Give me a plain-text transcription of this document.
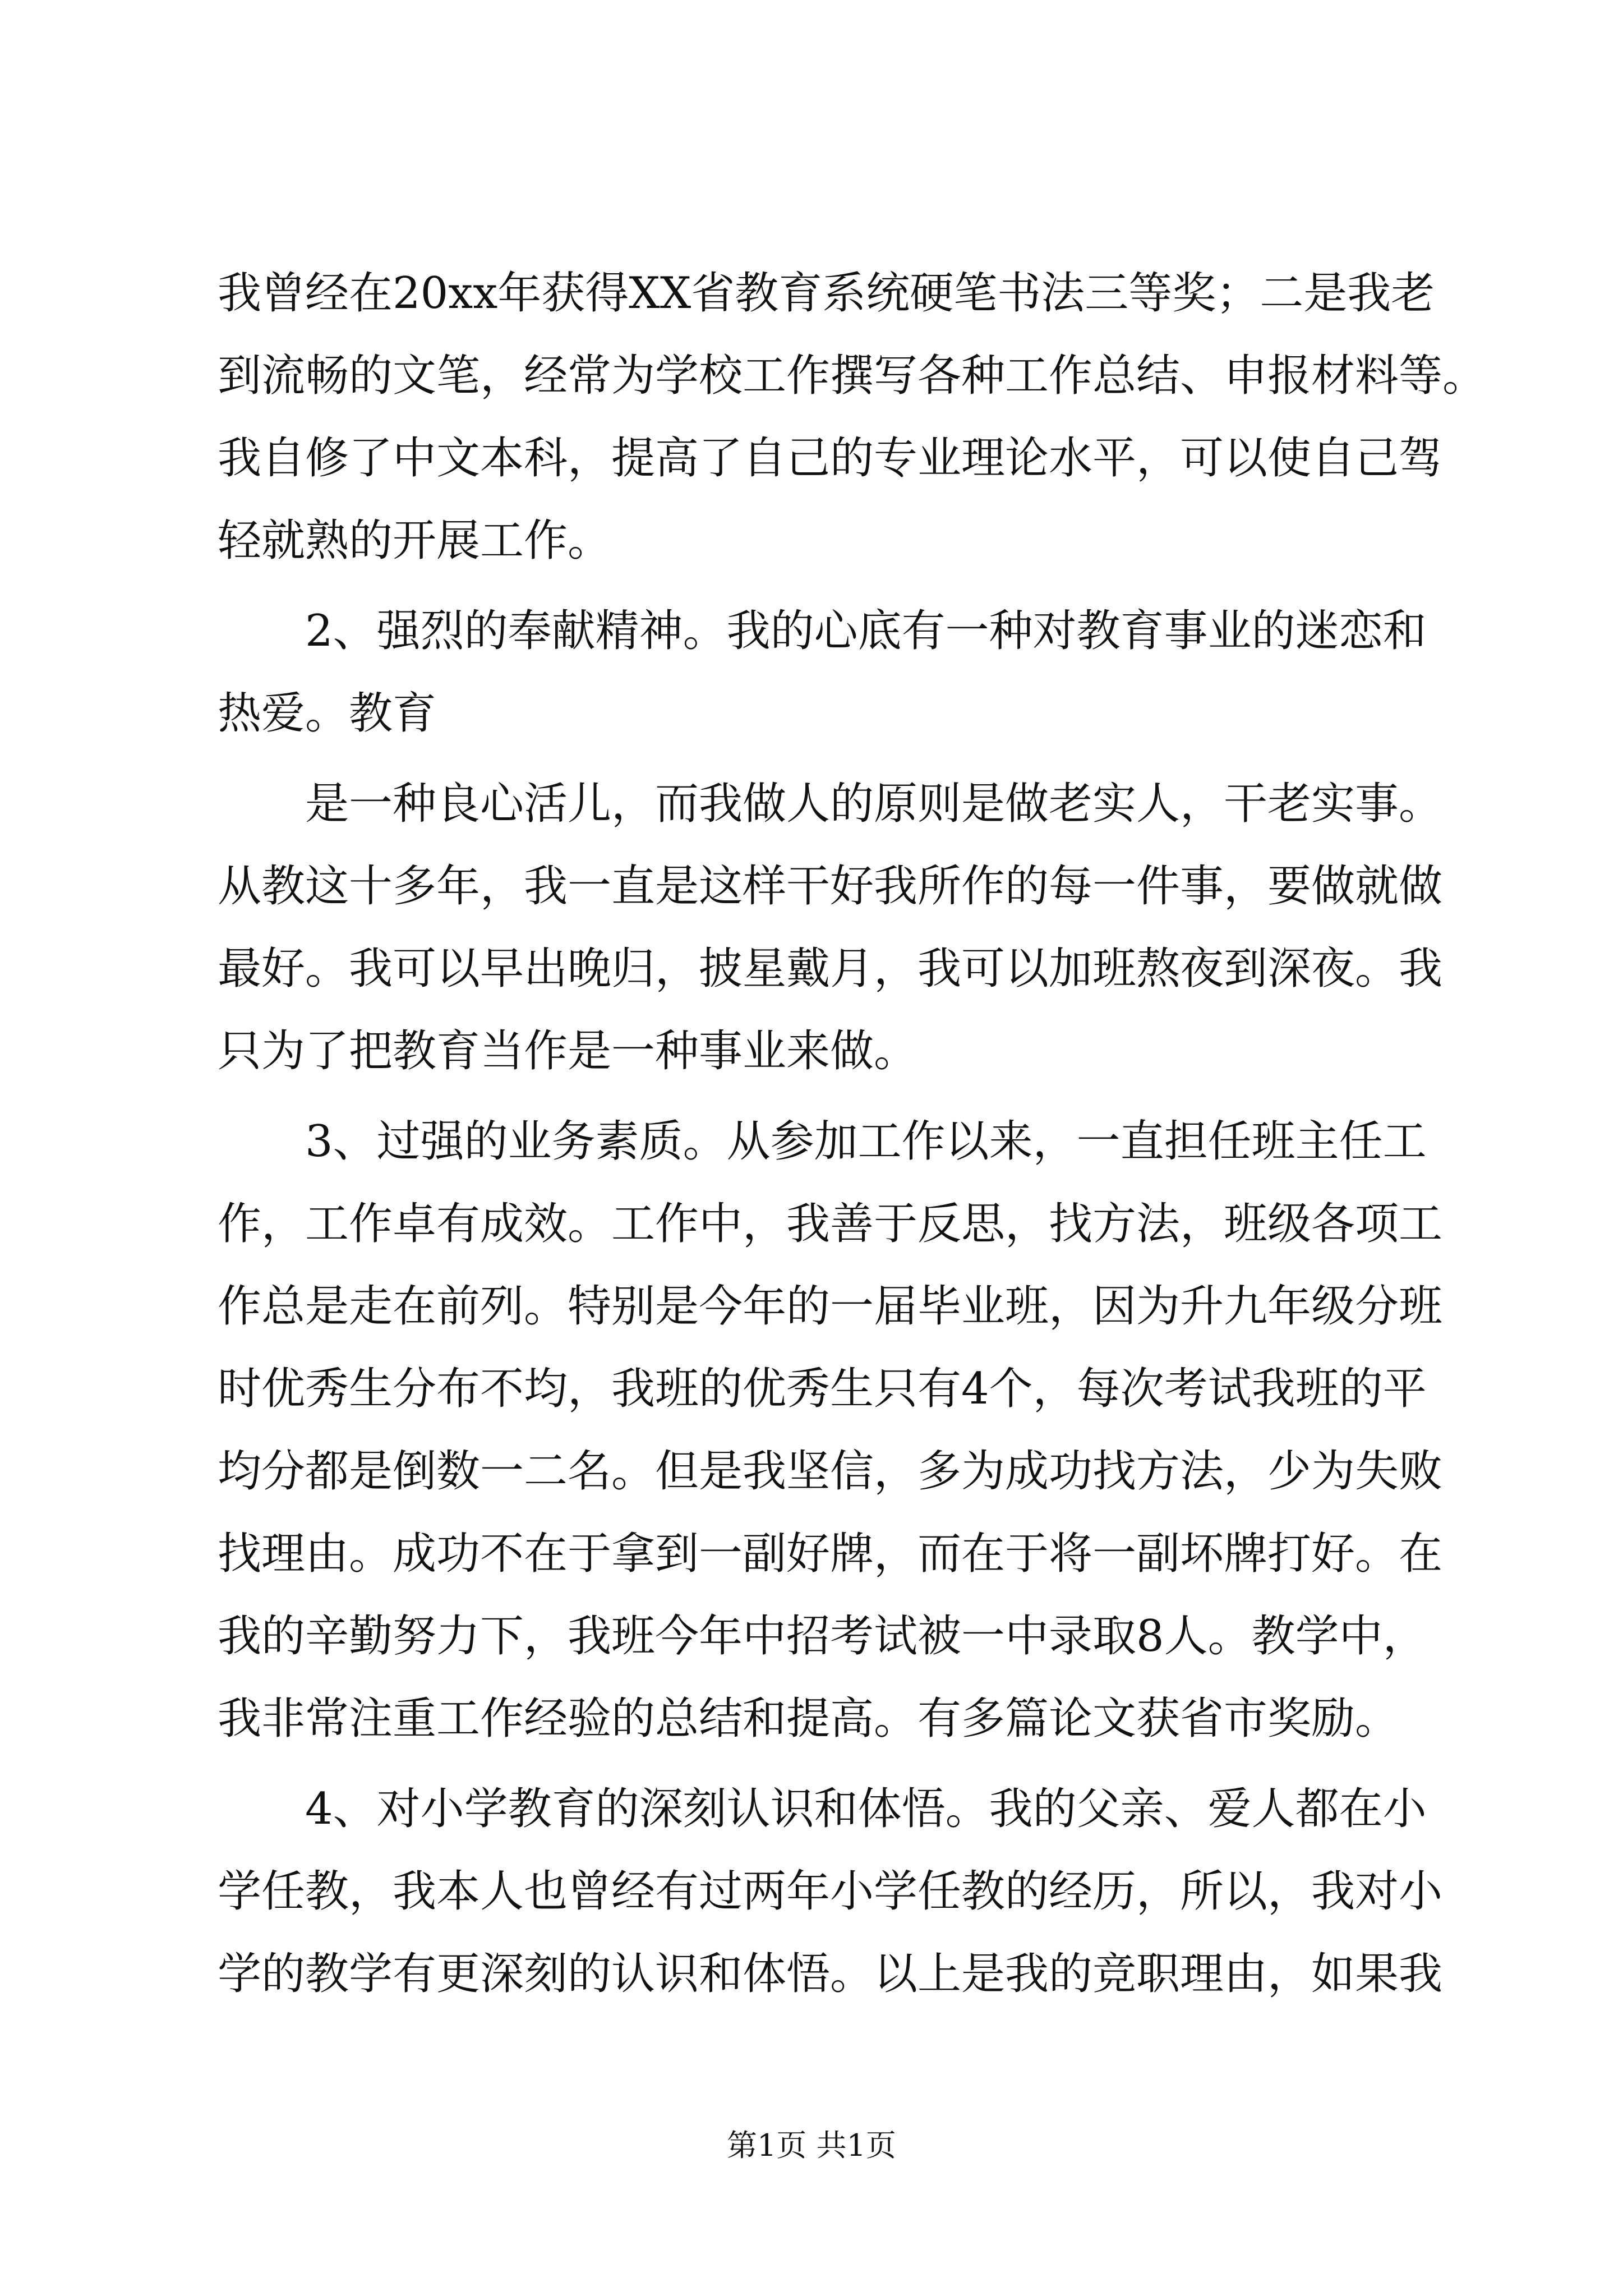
我曾经在20xx年获得XX省教育系统硬笔书法三等奖；二是我老
到流畅的文笔，经常为学校工作撰写各种工作总结、申报材料等。
我自修了中文本科，提高了自己的专业理论水平，可以使自己驾
轻就熟的开展工作。
2、强烈的奉献精神。我的心底有一种对教育事业的迷恋和
热爱。教育
是一种良心活儿，而我做人的原则是做老实人，干老实事。
从教这十多年，我一直是这样干好我所作的每一件事，要做就做
最好。我可以早出晚归，披星戴月，我可以加班熬夜到深夜。我
只为了把教育当作是一种事业来做。
3、过强的业务素质。从参加工作以来，一直担任班主任工
作，工作卓有成效。工作中，我善于反思，找方法，班级各项工
作总是走在前列。特别是今年的一届毕业班，因为升九年级分班
时优秀生分布不均，我班的优秀生只有4个，每次考试我班的平
均分都是倒数一二名。但是我坚信，多为成功找方法，少为失败
找理由。成功不在于拿到一副好牌，而在于将一副坏牌打好。在
我的辛勤努力下，我班今年中招考试被一中录取8人。教学中，
我非常注重工作经验的总结和提高。有多篇论文获省市奖励。
4、对小学教育的深刻认识和体悟。我的父亲、爱人都在小
学任教，我本人也曾经有过两年小学任教的经历，所以，我对小
学的教学有更深刻的认识和体悟。以上是我的竞职理由，如果我
第1页 共1页
